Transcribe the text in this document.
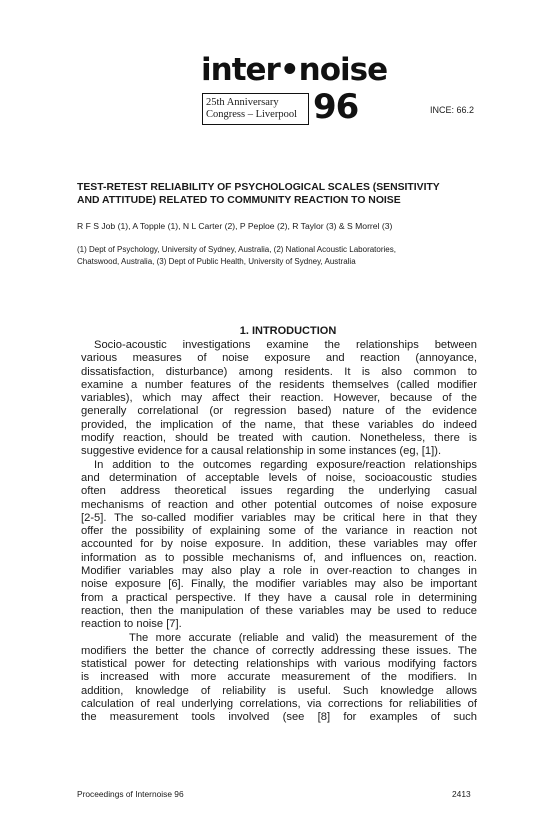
inter•noise
25th Anniversary
Congress – Liverpool 96	INCE: 66.2
TEST-RETEST RELIABILITY OF PSYCHOLOGICAL SCALES (SENSITIVITY
AND ATTITUDE) RELATED TO COMMUNITY REACTION TO NOISE
R F S Job (1), A Topple (1), N L Carter (2), P Peploe (2), R Taylor (3) & S Morrel (3)
(1) Dept of Psychology, University of Sydney, Australia, (2) National Acoustic Laboratories,
Chatswood, Australia, (3) Dept of Public Health, University of Sydney, Australia
1. INTRODUCTION
Socio-acoustic investigations examine the relationships between
various measures of noise exposure and reaction (annoyance,
dissatisfaction, disturbance) among residents. It is also common to
examine a number features of the residents themselves (called modifier
variables), which may affect their reaction. However, because of the
generally correlational (or regression based) nature of the evidence
provided, the implication of the name, that these variables do indeed
modify reaction, should be treated with caution. Nonetheless, there is
suggestive evidence for a causal relationship in some instances (eg, [1]).
In addition to the outcomes regarding exposure/reaction relationships
and determination of acceptable levels of noise, socioacoustic studies
often address theoretical issues regarding the underlying casual
mechanisms of reaction and other potential outcomes of noise exposure
[2-5]. The so-called modifier variables may be critical here in that they
offer the possibility of explaining some of the variance in reaction not
accounted for by noise exposure. In addition, these variables may offer
information as to possible mechanisms of, and influences on, reaction.
Modifier variables may also play a role in over-reaction to changes in
noise exposure [6]. Finally, the modifier variables may also be important
from a practical perspective. If they have a causal role in determining
reaction, then the manipulation of these variables may be used to reduce
reaction to noise [7].
The more accurate (reliable and valid) the measurement of the
modifiers the better the chance of correctly addressing these issues. The
statistical power for detecting relationships with various modifying factors
is increased with more accurate measurement of the modifiers. In
addition, knowledge of reliability is useful. Such knowledge allows
calculation of real underlying correlations, via corrections for reliabilities of
the measurement tools involved (see [8] for examples of such
Proceedings of Internoise 96	2413
